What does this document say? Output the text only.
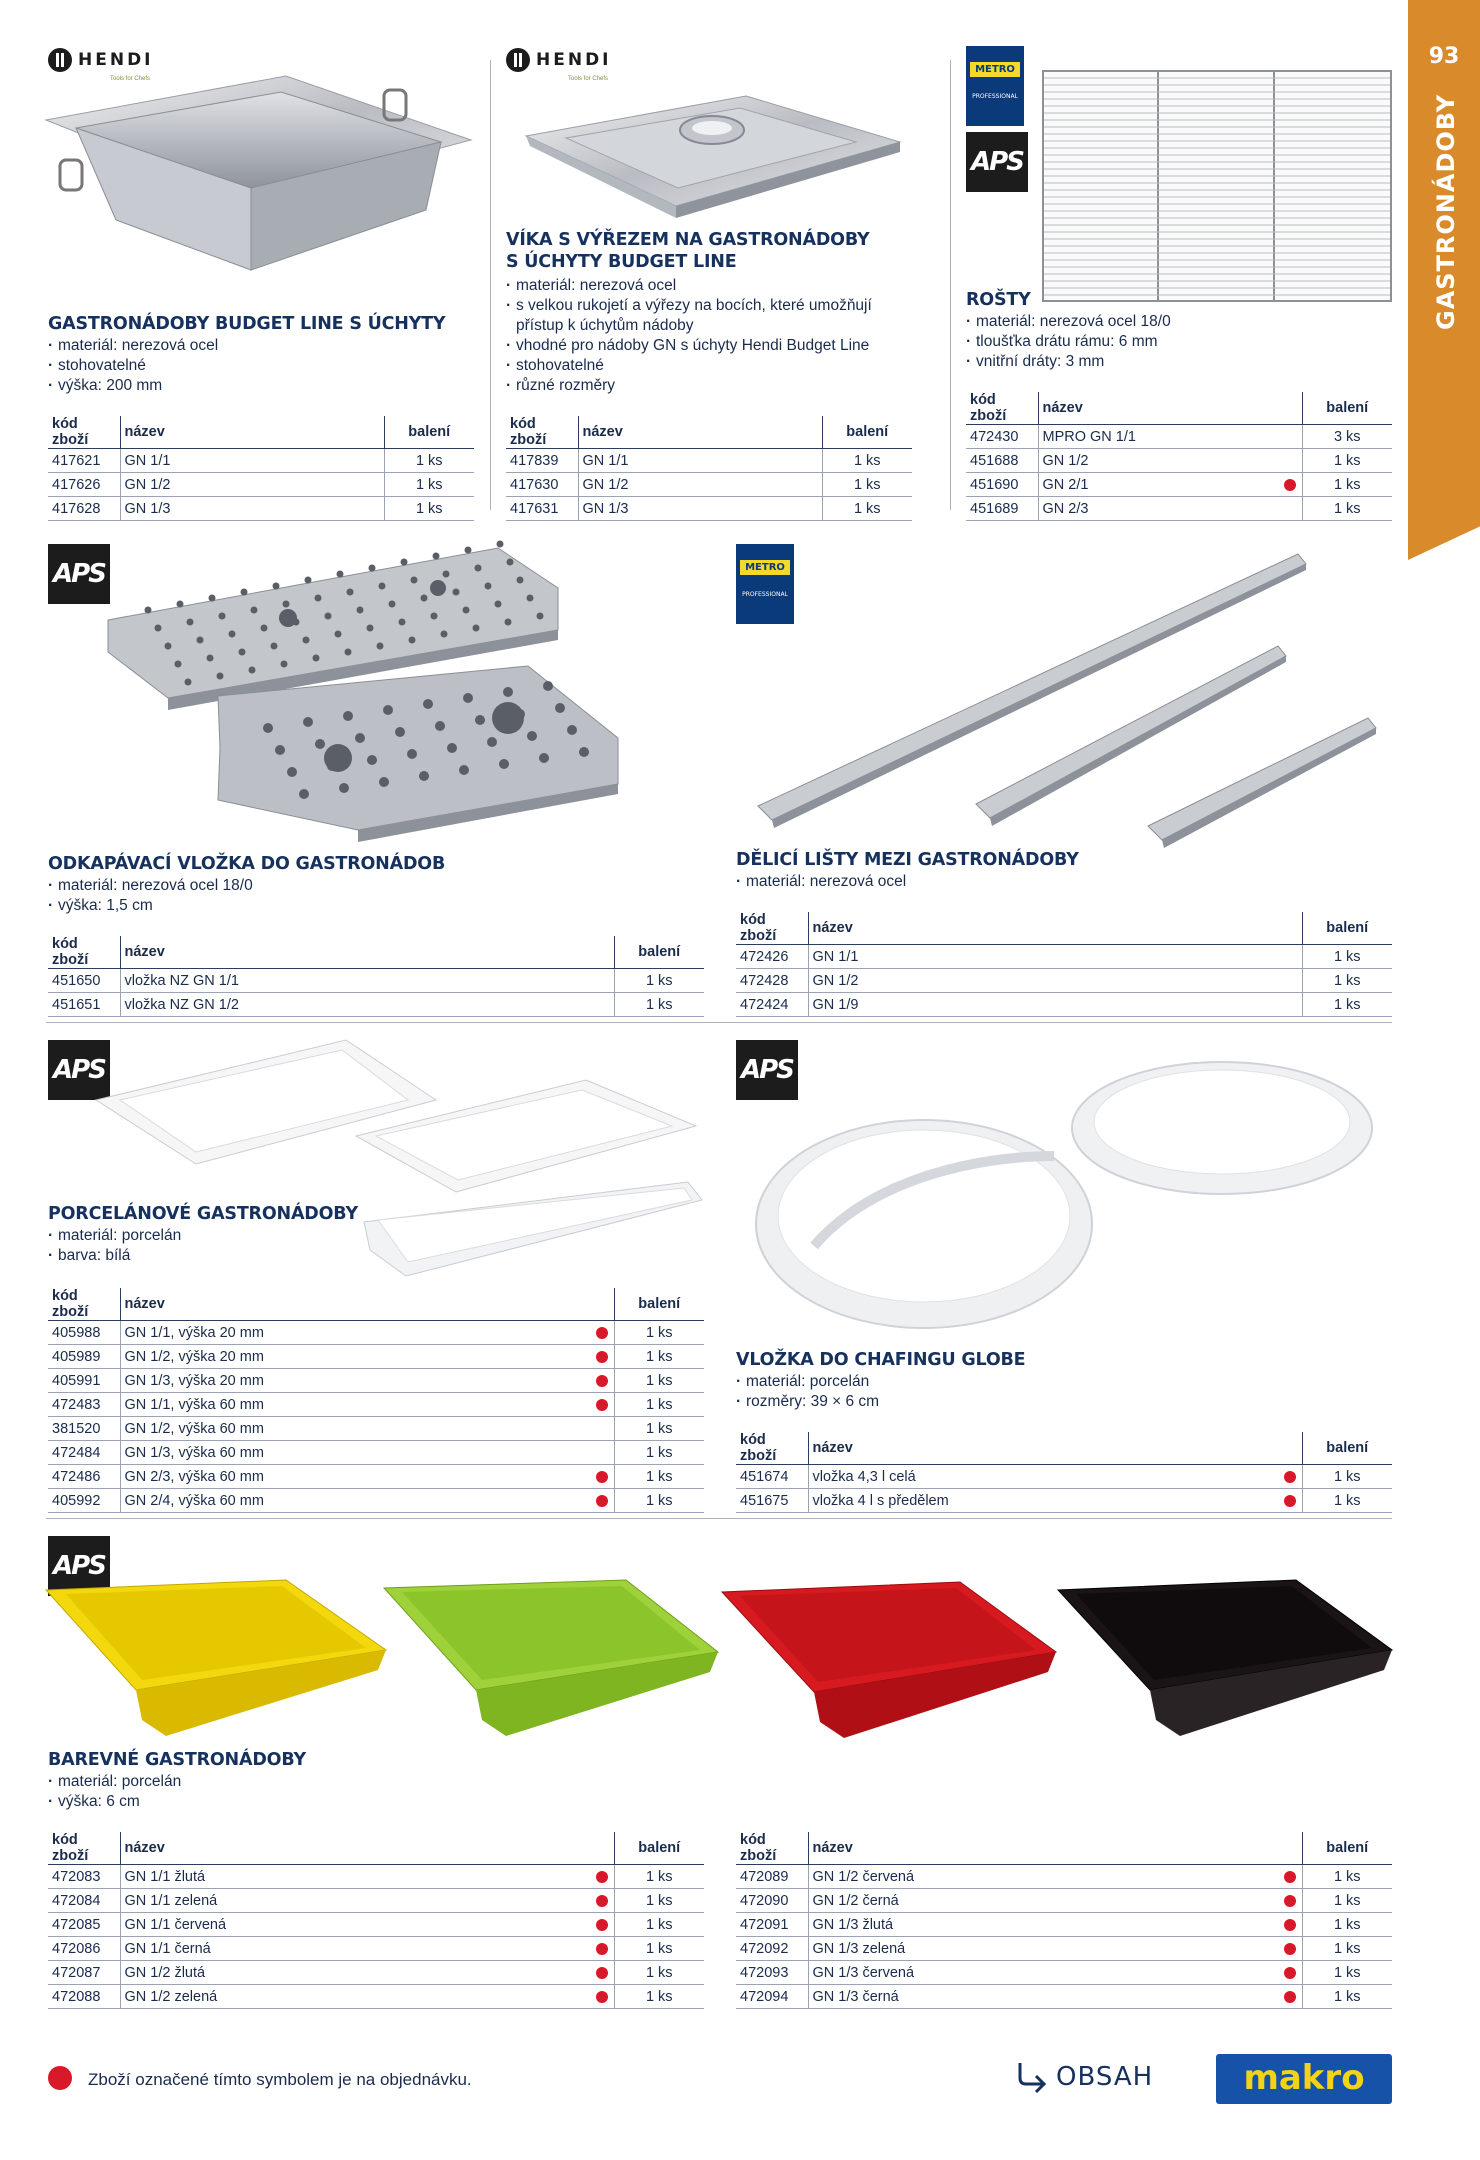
93
GASTRONÁDOBY
HENDI
Tools for Chefs
GASTRONÁDOBY BUDGET LINE S ÚCHYTY
· materiál: nerezová ocel
· stohovatelné
· výška: 200 mm
kód zboží	název	balení
417621	GN 1/1	1 ks
417626	GN 1/2	1 ks
417628	GN 1/3	1 ks
HENDI
Tools for Chefs
VÍKA S VÝŘEZEM NA GASTRONÁDOBY
S ÚCHYTY BUDGET LINE
· materiál: nerezová ocel
· s velkou rukojetí a výřezy na bocích, které umožňují přístup k úchytům nádoby
· vhodné pro nádoby GN s úchyty Hendi Budget Line
· stohovatelné
· různé rozměry
kód zboží	název	balení
417839	GN 1/1	1 ks
417630	GN 1/2	1 ks
417631	GN 1/3	1 ks
METRO
PROFESSIONAL
APS
ROŠTY
· materiál: nerezová ocel 18/0
· tloušťka drátu rámu: 6 mm
· vnitřní dráty: 3 mm
kód zboží	název	balení
472430	MPRO GN 1/1	3 ks
451688	GN 1/2	1 ks
451690	GN 2/1	1 ks
451689	GN 2/3	1 ks
APS
ODKAPÁVACÍ VLOŽKA DO GASTRONÁDOB
· materiál: nerezová ocel 18/0
· výška: 1,5 cm
kód zboží	název	balení
451650	vložka NZ GN 1/1	1 ks
451651	vložka NZ GN 1/2	1 ks
METRO
PROFESSIONAL
DĚLICÍ LIŠTY MEZI GASTRONÁDOBY
· materiál: nerezová ocel
kód zboží	název	balení
472426	GN 1/1	1 ks
472428	GN 1/2	1 ks
472424	GN 1/9	1 ks
APS
PORCELÁNOVÉ GASTRONÁDOBY
· materiál: porcelán
· barva: bílá
kód zboží	název	balení
405988	GN 1/1, výška 20 mm	1 ks
405989	GN 1/2, výška 20 mm	1 ks
405991	GN 1/3, výška 20 mm	1 ks
472483	GN 1/1, výška 60 mm	1 ks
381520	GN 1/2, výška 60 mm	1 ks
472484	GN 1/3, výška 60 mm	1 ks
472486	GN 2/3, výška 60 mm	1 ks
405992	GN 2/4, výška 60 mm	1 ks
APS
VLOŽKA DO CHAFINGU GLOBE
· materiál: porcelán
· rozměry: 39 × 6 cm
kód zboží	název	balení
451674	vložka 4,3 l celá	1 ks
451675	vložka 4 l s předělem	1 ks
APS
BAREVNÉ GASTRONÁDOBY
· materiál: porcelán
· výška: 6 cm
kód zboží	název	balení
472083	GN 1/1 žlutá	1 ks
472084	GN 1/1 zelená	1 ks
472085	GN 1/1 červená	1 ks
472086	GN 1/1 černá	1 ks
472087	GN 1/2 žlutá	1 ks
472088	GN 1/2 zelená	1 ks
kód zboží	název	balení
472089	GN 1/2 červená	1 ks
472090	GN 1/2 černá	1 ks
472091	GN 1/3 žlutá	1 ks
472092	GN 1/3 zelená	1 ks
472093	GN 1/3 červená	1 ks
472094	GN 1/3 černá	1 ks
Zboží označené tímto symbolem je na objednávku.	OBSAH	makro
